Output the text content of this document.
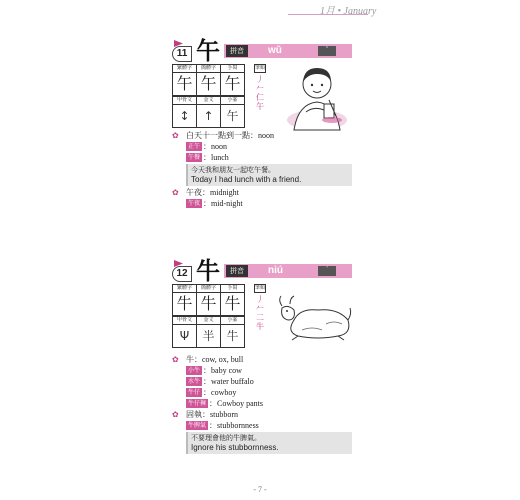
1月 • January
11 午	拼音	wǔ	ˇ
繁體字	簡體字	手寫
午	午	午
甲骨文	金文	小篆
↕	↑	午
筆順
丿
𠂉
仁
午
✿ 白天十一點到一點：noon
正午 ：noon
午餐 ：lunch
今天我和朋友一起吃午餐。
Today I had lunch with a friend.
✿ 午夜：midnight
午夜 ：mid-night
12 牛	拼音	niú	ˊ
繁體字	簡體字	手寫
牛	牛	牛
甲骨文	金文	小篆
Ψ	半	牛
筆順
丿
𠂉
二
牛
✿ 牛：cow, ox, bull
小牛 ：baby cow
水牛 ：water buffalo
牛仔 ：cowboy
牛仔褲 ：Cowboy pants
✿ 固執：stubborn
牛脾氣 ：stubbornness
不要理會他的牛脾氣。
Ignore his stubbornness.
- 7 -
